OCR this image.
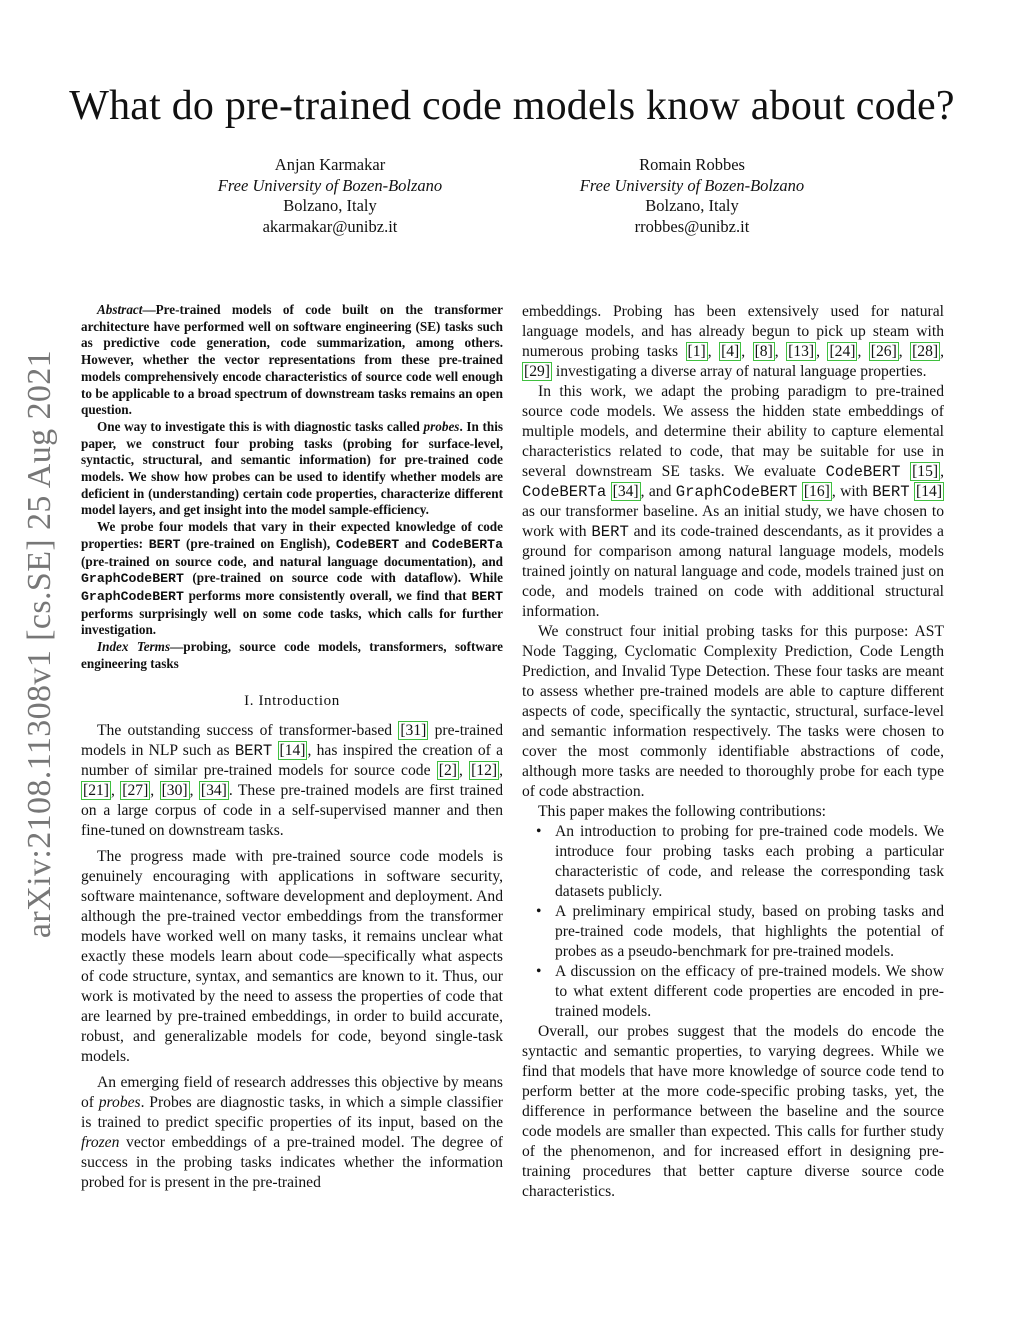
arXiv:2108.11308v1 [cs.SE] 25 Aug 2021
What do pre-trained code models know about code?
Anjan Karmakar
Free University of Bozen-Bolzano
Bolzano, Italy
akarmakar@unibz.it
Romain Robbes
Free University of Bozen-Bolzano
Bolzano, Italy
rrobbes@unibz.it

Abstract—Pre-trained models of code built on the transformer architecture have performed well on software engineering (SE) tasks such as predictive code generation, code summarization, among others. However, whether the vector representations from these pre-trained models comprehensively encode characteristics of source code well enough to be applicable to a broad spectrum of downstream tasks remains an open question.

One way to investigate this is with diagnostic tasks called probes. In this paper, we construct four probing tasks (probing for surface-level, syntactic, structural, and semantic information) for pre-trained code models. We show how probes can be used to identify whether models are deficient in (understanding) certain code properties, characterize different model layers, and get insight into the model sample-efficiency.

We probe four models that vary in their expected knowledge of code properties: BERT (pre-trained on English), CodeBERT and CodeBERTa (pre-trained on source code, and natural language documentation), and GraphCodeBERT (pre-trained on source code with dataflow). While GraphCodeBERT performs more consistently overall, we find that BERT performs surprisingly well on some code tasks, which calls for further investigation.

Index Terms—probing, source code models, transformers, software engineering tasks

I. Introduction

The outstanding success of transformer-based [31] pre-trained models in NLP such as BERT [14] , has inspired the creation of a number of similar pre-trained models for source code [2] , [12] , [21] , [27] , [30] , [34] . These pre-trained models are first trained on a large corpus of code in a self-supervised manner and then fine-tuned on downstream tasks.

The progress made with pre-trained source code models is genuinely encouraging with applications in software security, software maintenance, software development and deployment. And although the pre-trained vector embeddings from the transformer models have worked well on many tasks, it remains unclear what exactly these models learn about code—specifically what aspects of code structure, syntax, and semantics are known to it. Thus, our work is motivated by the need to assess the properties of code that are learned by pre-trained embeddings, in order to build accurate, robust, and generalizable models for code, beyond single-task models.

An emerging field of research addresses this objective by means of probes. Probes are diagnostic tasks, in which a simple classifier is trained to predict specific properties of its input, based on the frozen vector embeddings of a pre-trained model. The degree of success in the probing tasks indicates whether the information probed for is present in the pre-trained

embeddings. Probing has been extensively used for natural language models, and has already begun to pick up steam with numerous probing tasks [1] , [4] , [8] , [13] , [24] , [26] , [28] , [29] investigating a diverse array of natural language properties.

In this work, we adapt the probing paradigm to pre-trained source code models. We assess the hidden state embeddings of multiple models, and determine their ability to capture elemental characteristics related to code, that may be suitable for use in several downstream SE tasks. We evaluate CodeBERT [15] , CodeBERTa [34] , and GraphCodeBERT [16] , with BERT [14] as our transformer baseline. As an initial study, we have chosen to work with BERT and its code-trained descendants, as it provides a ground for comparison among natural language models, models trained jointly on natural language and code, models trained just on code, and models trained on code with additional structural information.

We construct four initial probing tasks for this purpose: AST Node Tagging, Cyclomatic Complexity Prediction, Code Length Prediction, and Invalid Type Detection. These four tasks are meant to assess whether pre-trained models are able to capture different aspects of code, specifically the syntactic, structural, surface-level and semantic information respectively. The tasks were chosen to cover the most commonly identifiable abstractions of code, although more tasks are needed to thoroughly probe for each type of code abstraction.

This paper makes the following contributions:

• An introduction to probing for pre-trained code models. We introduce four probing tasks each probing a particular characteristic of code, and release the corresponding task datasets publicly.
• A preliminary empirical study, based on probing tasks and pre-trained code models, that highlights the potential of probes as a pseudo-benchmark for pre-trained models.
• A discussion on the efficacy of pre-trained models. We show to what extent different code properties are encoded in pre-trained models.

Overall, our probes suggest that the models do encode the syntactic and semantic properties, to varying degrees. While we find that models that have more knowledge of source code tend to perform better at the more code-specific probing tasks, yet, the difference in performance between the baseline and the source code models are smaller than expected. This calls for further study of the phenomenon, and for increased effort in designing pre-training procedures that better capture diverse source code characteristics.
